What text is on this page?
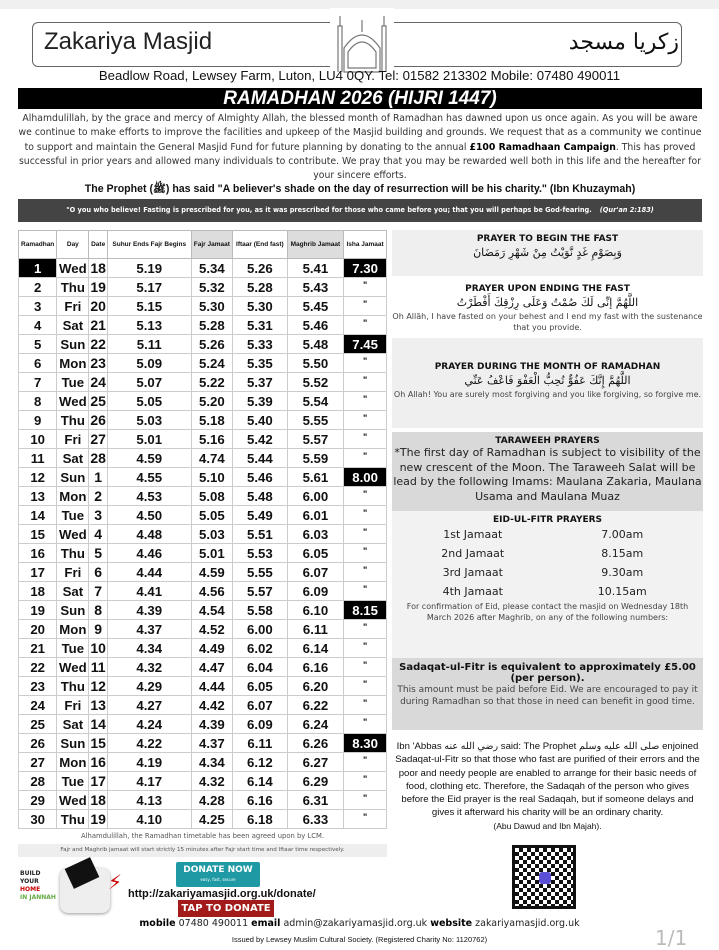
Zakariya Masjid	زكريا مسجد
Beadlow Road, Lewsey Farm, Luton, LU4 0QY. Tel: 01582 213302 Mobile: 07480 490011
RAMADHAN 2026 (HIJRI 1447)
Alhamdulillah, by the grace and mercy of Almighty Allah, the blessed month of Ramadhan has dawned upon us once again. As you will be aware we continue to make efforts to improve the facilities and upkeep of the Masjid building and grounds. We request that as a community we continue to support and maintain the General Masjid Fund for future planning by donating to the annual £100 Ramadhaan Campaign. This has proved successful in prior years and allowed many individuals to contribute. We pray that you may be rewarded well both in this life and the hereafter for your sincere efforts.
The Prophet (ﷺ) has said "A believer's shade on the day of resurrection will be his charity." (Ibn Khuzaymah)
"O you who believe! Fasting is prescribed for you, as it was prescribed for those who came before you; that you will perhaps be God-fearing. (Qur'an 2:183)
Ramadhan	Day	Date	Suhur Ends Fajr Begins	Fajr Jamaat	Iftaar (End fast)	Maghrib Jamaat	Isha Jamaat
1	Wed	18	5.19	5.34	5.26	5.41	7.30
2	Thu	19	5.17	5.32	5.28	5.43	"
3	Fri	20	5.15	5.30	5.30	5.45	"
4	Sat	21	5.13	5.28	5.31	5.46	"
5	Sun	22	5.11	5.26	5.33	5.48	7.45
6	Mon	23	5.09	5.24	5.35	5.50	"
7	Tue	24	5.07	5.22	5.37	5.52	"
8	Wed	25	5.05	5.20	5.39	5.54	"
9	Thu	26	5.03	5.18	5.40	5.55	"
10	Fri	27	5.01	5.16	5.42	5.57	"
11	Sat	28	4.59	4.74	5.44	5.59	"
12	Sun	1	4.55	5.10	5.46	5.61	8.00
13	Mon	2	4.53	5.08	5.48	6.00	"
14	Tue	3	4.50	5.05	5.49	6.01	"
15	Wed	4	4.48	5.03	5.51	6.03	"
16	Thu	5	4.46	5.01	5.53	6.05	"
17	Fri	6	4.44	4.59	5.55	6.07	"
18	Sat	7	4.41	4.56	5.57	6.09	"
19	Sun	8	4.39	4.54	5.58	6.10	8.15
20	Mon	9	4.37	4.52	6.00	6.11	"
21	Tue	10	4.34	4.49	6.02	6.14	"
22	Wed	11	4.32	4.47	6.04	6.16	"
23	Thu	12	4.29	4.44	6.05	6.20	"
24	Fri	13	4.27	4.42	6.07	6.22	"
25	Sat	14	4.24	4.39	6.09	6.24	"
26	Sun	15	4.22	4.37	6.11	6.26	8.30
27	Mon	16	4.19	4.34	6.12	6.27	"
28	Tue	17	4.17	4.32	6.14	6.29	"
29	Wed	18	4.13	4.28	6.16	6.31	"
30	Thu	19	4.10	4.25	6.18	6.33	"
Alhamdulillah, the Ramadhan timetable has been agreed upon by LCM.
Fajr and Maghrib jamaat will start strictly 15 minutes after Fajr start time and Iftaar time respectively.
PRAYER TO BEGIN THE FAST
وَبِصَوْمِ غَدٍ نَّوَيْتُ مِنْ شَهْرِ رَمَضَانَ
PRAYER UPON ENDING THE FAST
اللَّهُمَّ إنِّى لَكَ صُمْتُ وَعَلَى رِزْقِكَ أَفْطَرْتُ

Oh Allāh, I have fasted on your behest and I end my fast with the sustenance that you provide.

PRAYER DURING THE MONTH OF RAMADHAN
اللَّهُمَّ إِنَّكَ عَفُوٌّ تُحِبُّ الْعَفْوَ فَاعْفُ عَنِّي

Oh Allah! You are surely most forgiving and you like forgiving, so forgive me.

TARAWEEH PRAYERS

*The first day of Ramadhan is subject to visibility of the new crescent of the Moon. The Taraweeh Salat will be lead by the following Imams: Maulana Zakaria, Maulana Usama and Maulana Muaz

EID-UL-FITR PRAYERS
1st Jamaat	7.00am
2nd Jamaat	8.15am
3rd Jamaat	9.30am
4th Jamaat	10.15am

For confirmation of Eid, please contact the masjid on Wednesday 18th March 2026 after Maghrib, on any of the following numbers:

Sadaqat-ul-Fitr is equivalent to approximately £5.00 (per person).

This amount must be paid before Eid. We are encouraged to pay it during Ramadhan so that those in need can benefit in good time.

Ibn 'Abbas رضي الله عنه said: The Prophet صلى الله عليه وسلم enjoined Sadaqat-ul-Fitr so that those who fast are purified of their errors and the poor and needy people are enabled to arrange for their basic needs of food, clothing etc. Therefore, the Sadaqah of the person who gives before the Eid prayer is the real Sadaqah, but if someone delays and gives it afterward his charity will be an ordinary charity.

(Abu Dawud and Ibn Majah).

BUILD
YOUR
HOME
IN JANNAH
⚡	DONATE NOW
easy, fast, secure
http://zakariyamasjid.org.uk/donate/
TAP TO DONATE
mobile 07480 490011 email admin@zakariyamasjid.org.uk website zakariyamasjid.org.uk
Issued by Lewsey Muslim Cultural Society. (Registered Charity No: 1120762)	1/1
